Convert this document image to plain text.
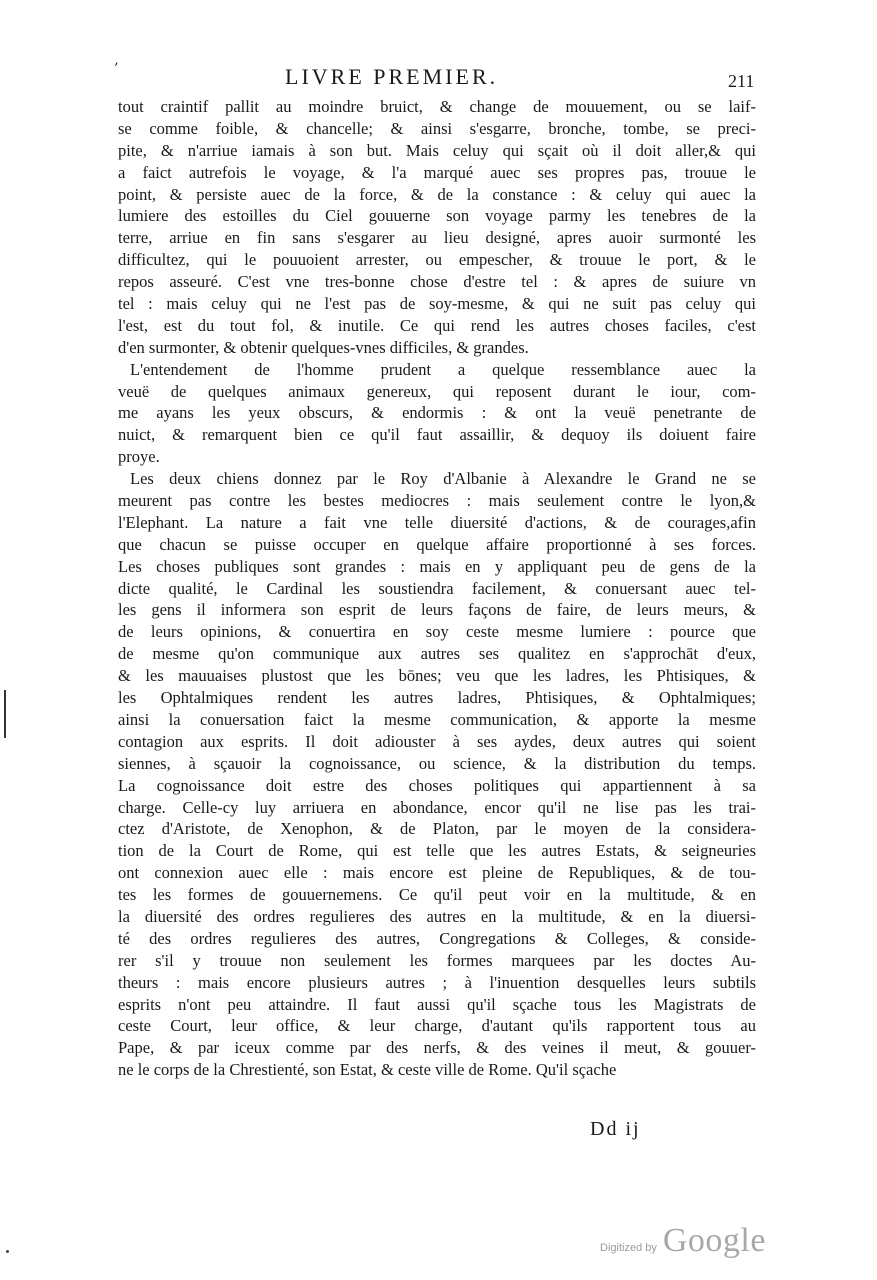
’	LIVRE PREMIER.	211
tout craintif pallit au moindre bruict, & change de mouuement, ou se laif-
se comme foible, & chancelle; & ainsi s'esgarre, bronche, tombe, se preci-
pite, & n'arriue iamais à son but. Mais celuy qui sçait où il doit aller,& qui
a faict autrefois le voyage, & l'a marqué auec ses propres pas, trouue le
point, & persiste auec de la force, & de la constance : & celuy qui auec la
lumiere des estoilles du Ciel gouuerne son voyage parmy les tenebres de la
terre, arriue en fin sans s'esgarer au lieu designé, apres auoir surmonté les
difficultez, qui le pouuoient arrester, ou empescher, & trouue le port, & le
repos asseuré. C'est vne tres-bonne chose d'estre tel : & apres de suiure vn
tel : mais celuy qui ne l'est pas de soy-mesme, & qui ne suit pas celuy qui
l'est, est du tout fol, & inutile. Ce qui rend les autres choses faciles, c'est
d'en surmonter, & obtenir quelques-vnes difficiles, & grandes.
L'entendement de l'homme prudent a quelque ressemblance auec la
veuë de quelques animaux genereux, qui reposent durant le iour, com-
me ayans les yeux obscurs, & endormis : & ont la veuë penetrante de
nuict, & remarquent bien ce qu'il faut assaillir, & dequoy ils doiuent faire
proye.
Les deux chiens donnez par le Roy d'Albanie à Alexandre le Grand ne se
meurent pas contre les bestes mediocres : mais seulement contre le lyon,&
l'Elephant. La nature a fait vne telle diuersité d'actions, & de courages,afin
que chacun se puisse occuper en quelque affaire proportionné à ses forces.
Les choses publiques sont grandes : mais en y appliquant peu de gens de la
dicte qualité, le Cardinal les soustiendra facilement, & conuersant auec tel-
les gens il informera son esprit de leurs façons de faire, de leurs meurs, &
de leurs opinions, & conuertira en soy ceste mesme lumiere : pource que
de mesme qu'on communique aux autres ses qualitez en s'approchāt d'eux,
& les mauuaises plustost que les bōnes; veu que les ladres, les Phtisiques, &
les Ophtalmiques rendent les autres ladres, Phtisiques, & Ophtalmiques;
ainsi la conuersation faict la mesme communication, & apporte la mesme
contagion aux esprits. Il doit adiouster à ses aydes, deux autres qui soient
siennes, à sçauoir la cognoissance, ou science, & la distribution du temps.
La cognoissance doit estre des choses politiques qui appartiennent à sa
charge. Celle-cy luy arriuera en abondance, encor qu'il ne lise pas les trai-
ctez d'Aristote, de Xenophon, & de Platon, par le moyen de la considera-
tion de la Court de Rome, qui est telle que les autres Estats, & seigneuries
ont connexion auec elle : mais encore est pleine de Republiques, & de tou-
tes les formes de gouuernemens. Ce qu'il peut voir en la multitude, & en
la diuersité des ordres regulieres des autres en la multitude, & en la diuersi-
té des ordres regulieres des autres, Congregations & Colleges, & conside-
rer s'il y trouue non seulement les formes marquees par les doctes Au-
theurs : mais encore plusieurs autres ; à l'inuention desquelles leurs subtils
esprits n'ont peu attaindre. Il faut aussi qu'il sçache tous les Magistrats de
ceste Court, leur office, & leur charge, d'autant qu'ils rapportent tous au
Pape, & par iceux comme par des nerfs, & des veines il meut, & gouuer-
ne le corps de la Chrestienté, son Estat, & ceste ville de Rome. Qu'il sçache
Dd ij
Digitized by Google
